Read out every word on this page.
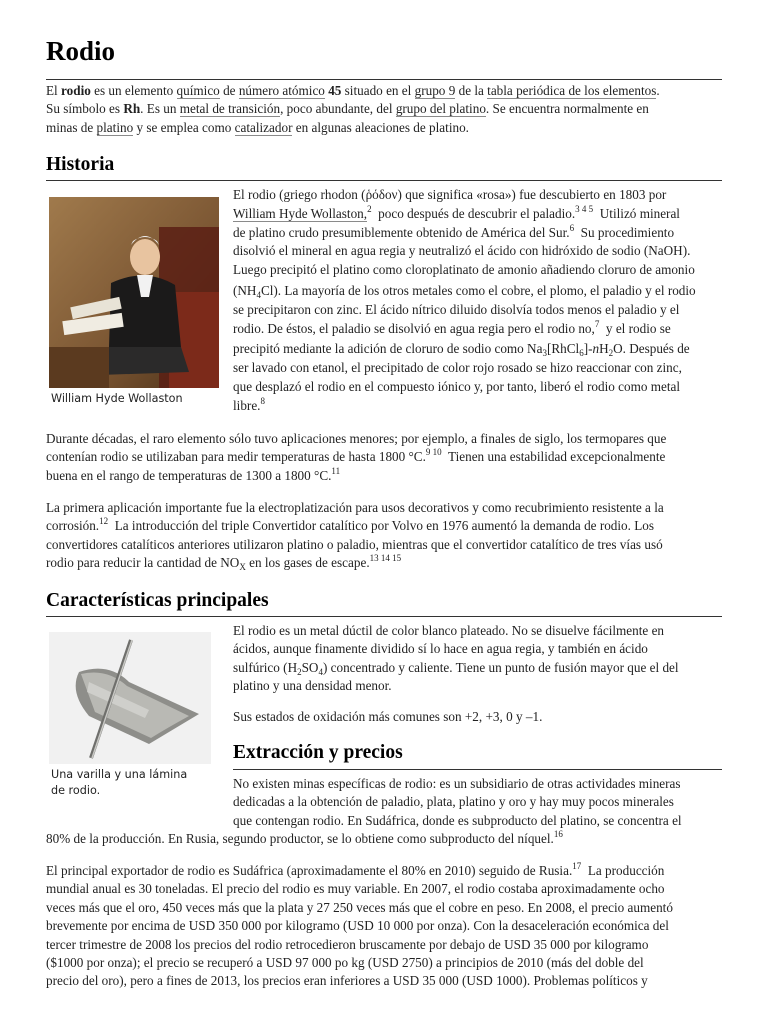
Rodio

El rodio es un elemento químico de número atómico 45 situado en el grupo 9 de la tabla periódica de los elementos.
Su símbolo es Rh. Es un metal de transición, poco abundante, del grupo del platino. Se encuentra normalmente en
minas de platino y se emplea como catalizador en algunas aleaciones de platino.

Historia
William Hyde Wollaston
El rodio (griego rhodon (ῥόδον) que significa «rosa») fue descubierto en 1803 por
William Hyde Wollaston,$^2$ poco después de descubrir el paladio.$^{3 4 5}$ Utilizó mineral
de platino crudo presumiblemente obtenido de América del Sur.$^6$ Su procedimiento
disolvió el mineral en agua regia y neutralizó el ácido con hidróxido de sodio (NaOH).
Luego precipitó el platino como cloroplatinato de amonio añadiendo cloruro de amonio
$(NH_4Cl)$. La mayoría de los otros metales como el cobre, el plomo, el paladio y el rodio
se precipitaron con zinc. El ácido nítrico diluido disolvía todos menos el paladio y el
rodio. De éstos, el paladio se disolvió en agua regia pero el rodio no,$^7$ y el rodio se
precipitó mediante la adición de cloruro de sodio como $Na_3[RhCl_6]-nH_2O$. Después de
ser lavado con etanol, el precipitado de color rojo rosado se hizo reaccionar con zinc,
que desplazó el rodio en el compuesto iónico y, por tanto, liberó el rodio como metal
libre.$^8$
Durante décadas, el raro elemento sólo tuvo aplicaciones menores; por ejemplo, a finales de siglo, los termopares que
contenían rodio se utilizaban para medir temperaturas de hasta 1800 °C.$^{9 10}$ Tienen una estabilidad excepcionalmente
buena en el rango de temperaturas de 1300 a 1800 °C.$^{11}$
La primera aplicación importante fue la electroplatización para usos decorativos y como recubrimiento resistente a la
corrosión.$^{12}$ La introducción del triple Convertidor catalítico por Volvo en 1976 aumentó la demanda de rodio. Los
convertidores catalíticos anteriores utilizaron platino o paladio, mientras que el convertidor catalítico de tres vías usó
rodio para reducir la cantidad de $NO_X$ en los gases de escape.$^{13 14 15}$
Características principales
Una varilla y una lámina
de rodio.
El rodio es un metal dúctil de color blanco plateado. No se disuelve fácilmente en
ácidos, aunque finamente dividido sí lo hace en agua regia, y también en ácido
sulfúrico $(H_2SO_4)$ concentrado y caliente. Tiene un punto de fusión mayor que el del
platino y una densidad menor.
Sus estados de oxidación más comunes son +2, +3, 0 y –1.
Extracción y precios
No existen minas específicas de rodio: es un subsidiario de otras actividades mineras
dedicadas a la obtención de paladio, plata, platino y oro y hay muy pocos minerales
que contengan rodio. En Sudáfrica, donde es subproducto del platino, se concentra el
80% de la producción. En Rusia, segundo productor, se lo obtiene como subproducto del níquel.$^{16}$
El principal exportador de rodio es Sudáfrica (aproximadamente el 80% en 2010) seguido de Rusia.$^{17}$ La producción
mundial anual es 30 toneladas. El precio del rodio es muy variable. En 2007, el rodio costaba aproximadamente ocho
veces más que el oro, 450 veces más que la plata y 27 250 veces más que el cobre en peso. En 2008, el precio aumentó
brevemente por encima de USD 350 000 por kilogramo (USD 10 000 por onza). Con la desaceleración económica del
tercer trimestre de 2008 los precios del rodio retrocedieron bruscamente por debajo de USD 35 000 por kilogramo
($1000 por onza); el precio se recuperó a USD 97 000 po kg (USD 2750) a principios de 2010 (más del doble del
precio del oro), pero a fines de 2013, los precios eran inferiores a USD 35 000 (USD 1000). Problemas políticos y
